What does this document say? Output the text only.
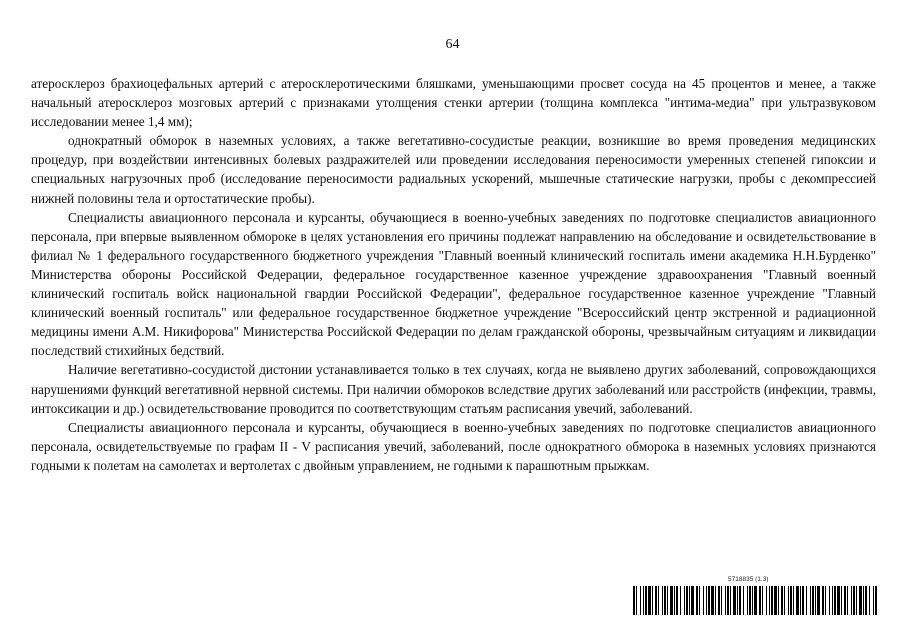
64

атеросклероз брахиоцефальных артерий с атеросклеротическими бляшками, уменьшающими просвет сосуда на 45 процентов и менее, а также начальный атеросклероз мозговых артерий с признаками утолщения стенки артерии (толщина комплекса "интима-медиа" при ультразвуковом исследовании менее 1,4 мм);

однократный обморок в наземных условиях, а также вегетативно-сосудистые реакции, возникшие во время проведения медицинских процедур, при воздействии интенсивных болевых раздражителей или проведении исследования переносимости умеренных степеней гипоксии и специальных нагрузочных проб (исследование переносимости радиальных ускорений, мышечные статические нагрузки, пробы с декомпрессией нижней половины тела и ортостатические пробы).

Специалисты авиационного персонала и курсанты, обучающиеся в военно-учебных заведениях по подготовке специалистов авиационного персонала, при впервые выявленном обмороке в целях установления его причины подлежат направлению на обследование и освидетельствование в филиал № 1 федерального государственного бюджетного учреждения "Главный военный клинический госпиталь имени академика Н.Н.Бурденко" Министерства обороны Российской Федерации, федеральное государственное казенное учреждение здравоохранения "Главный военный клинический госпиталь войск национальной гвардии Российской Федерации", федеральное государственное казенное учреждение "Главный клинический военный госпиталь" или федеральное государственное бюджетное учреждение "Всероссийский центр экстренной и радиационной медицины имени А.М. Никифорова" Министерства Российской Федерации по делам гражданской обороны, чрезвычайным ситуациям и ликвидации последствий стихийных бедствий.

Наличие вегетативно-сосудистой дистонии устанавливается только в тех случаях, когда не выявлено других заболеваний, сопровождающихся нарушениями функций вегетативной нервной системы. При наличии обмороков вследствие других заболеваний или расстройств (инфекции, травмы, интоксикации и др.) освидетельствование проводится по соответствующим статьям расписания увечий, заболеваний.

Специалисты авиационного персонала и курсанты, обучающиеся в военно-учебных заведениях по подготовке специалистов авиационного персонала, освидетельствуемые по графам II - V расписания увечий, заболеваний, после однократного обморока в наземных условиях признаются годными к полетам на самолетах и вертолетах с двойным управлением, не годными к парашютным прыжкам.

5718835 (1.3)
